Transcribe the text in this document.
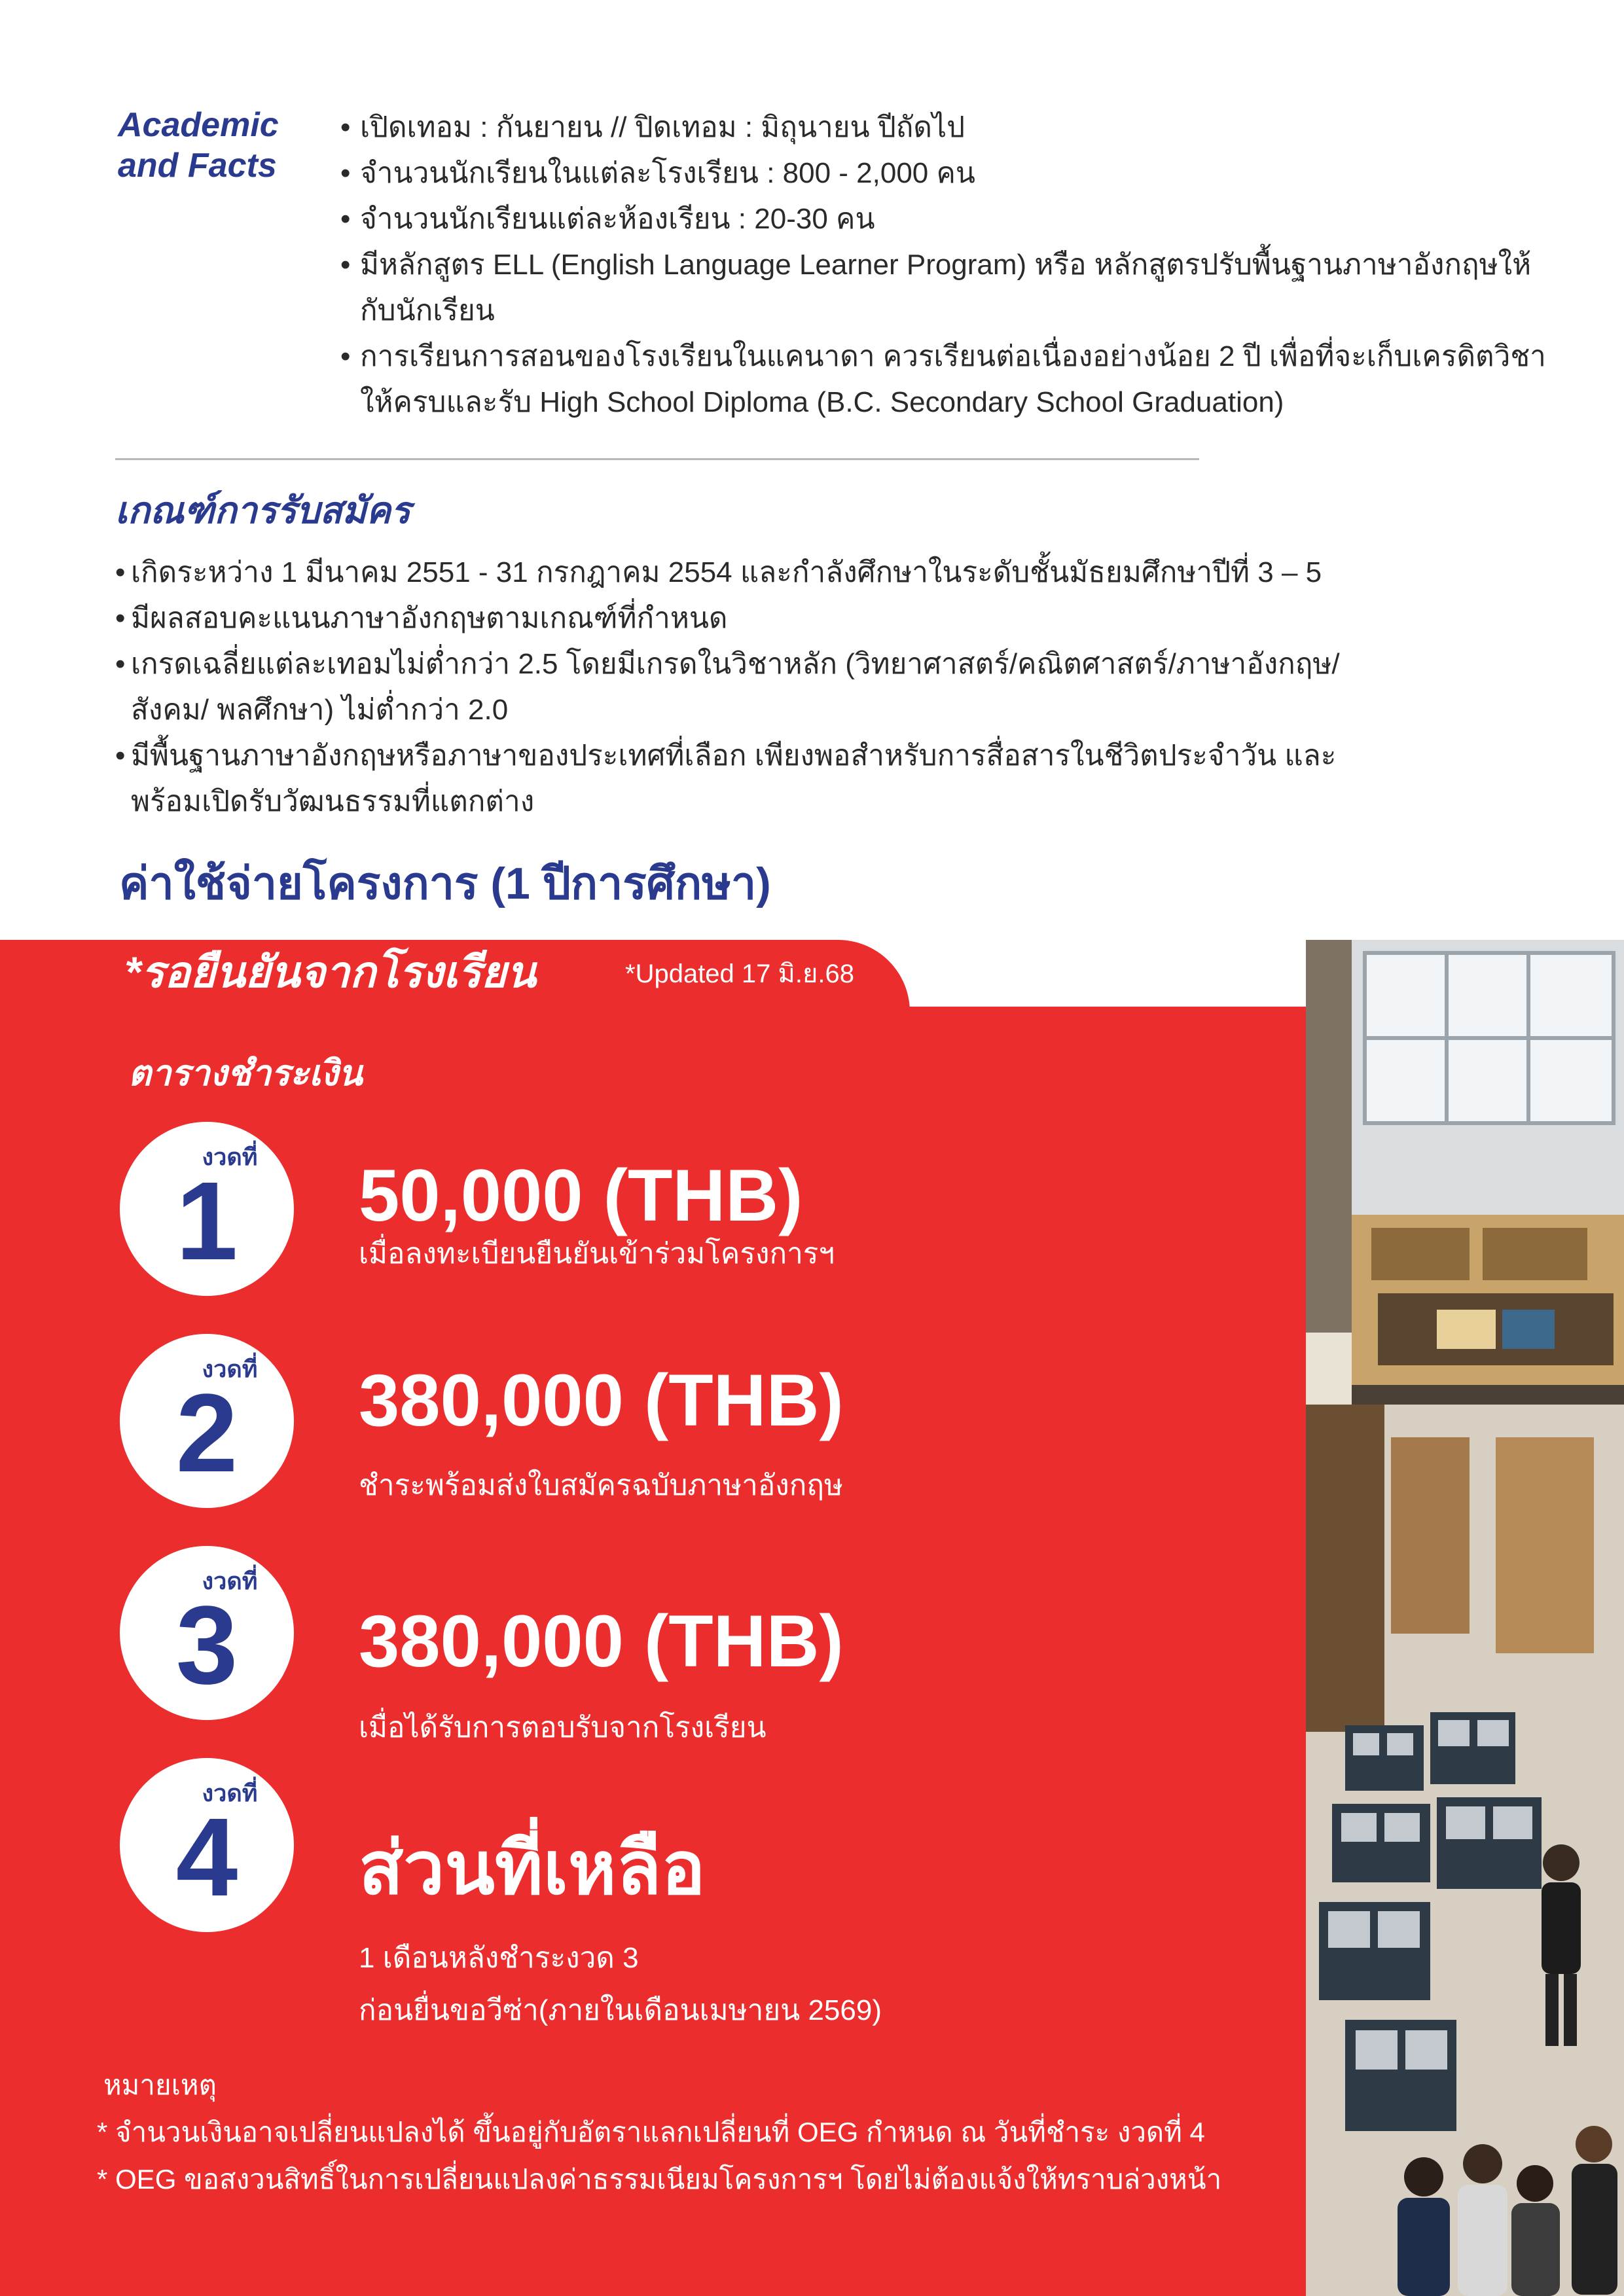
Academic
and Facts
• เปิดเทอม : กันยายน // ปิดเทอม : มิถุนายน ปีถัดไป
• จำนวนนักเรียนในแต่ละโรงเรียน : 800 - 2,000 คน
• จำนวนนักเรียนแต่ละห้องเรียน : 20-30 คน
• มีหลักสูตร ELL (English Language Learner Program) หรือ หลักสูตรปรับพื้นฐานภาษาอังกฤษให้กับนักเรียน
• การเรียนการสอนของโรงเรียนในแคนาดา ควรเรียนต่อเนื่องอย่างน้อย 2 ปี เพื่อที่จะเก็บเครดิตวิชาให้ครบและรับ High School Diploma (B.C. Secondary School Graduation)
เกณฑ์การรับสมัคร
• เกิดระหว่าง 1 มีนาคม 2551 - 31 กรกฎาคม 2554 และกำลังศึกษาในระดับชั้นมัธยมศึกษาปีที่ 3 – 5
• มีผลสอบคะแนนภาษาอังกฤษตามเกณฑ์ที่กำหนด
• เกรดเฉลี่ยแต่ละเทอมไม่ต่ำกว่า 2.5 โดยมีเกรดในวิชาหลัก (วิทยาศาสตร์/คณิตศาสตร์/ภาษาอังกฤษ/สังคม/ พลศึกษา) ไม่ต่ำกว่า 2.0
• มีพื้นฐานภาษาอังกฤษหรือภาษาของประเทศที่เลือก เพียงพอสำหรับการสื่อสารในชีวิตประจำวัน และ พร้อมเปิดรับวัฒนธรรมที่แตกต่าง
ค่าใช้จ่ายโครงการ (1 ปีการศึกษา)
*รอยืนยันจากโรงเรียน	*Updated 17 มิ.ย.68
ตารางชำระเงิน
งวดที่
1	50,000 (THB)
เมื่อลงทะเบียนยืนยันเข้าร่วมโครงการฯ
งวดที่
2	380,000 (THB)
ชำระพร้อมส่งใบสมัครฉบับภาษาอังกฤษ
งวดที่
3	380,000 (THB)
เมื่อได้รับการตอบรับจากโรงเรียน
งวดที่
4	ส่วนที่เหลือ
1 เดือนหลังชำระงวด 3
ก่อนยื่นขอวีซ่า(ภายในเดือนเมษายน 2569)
หมายเหตุ
* จำนวนเงินอาจเปลี่ยนแปลงได้ ขึ้นอยู่กับอัตราแลกเปลี่ยนที่ OEG กำหนด ณ วันที่ชำระ งวดที่ 4
* OEG ขอสงวนสิทธิ์ในการเปลี่ยนแปลงค่าธรรมเนียมโครงการฯ โดยไม่ต้องแจ้งให้ทราบล่วงหน้า
